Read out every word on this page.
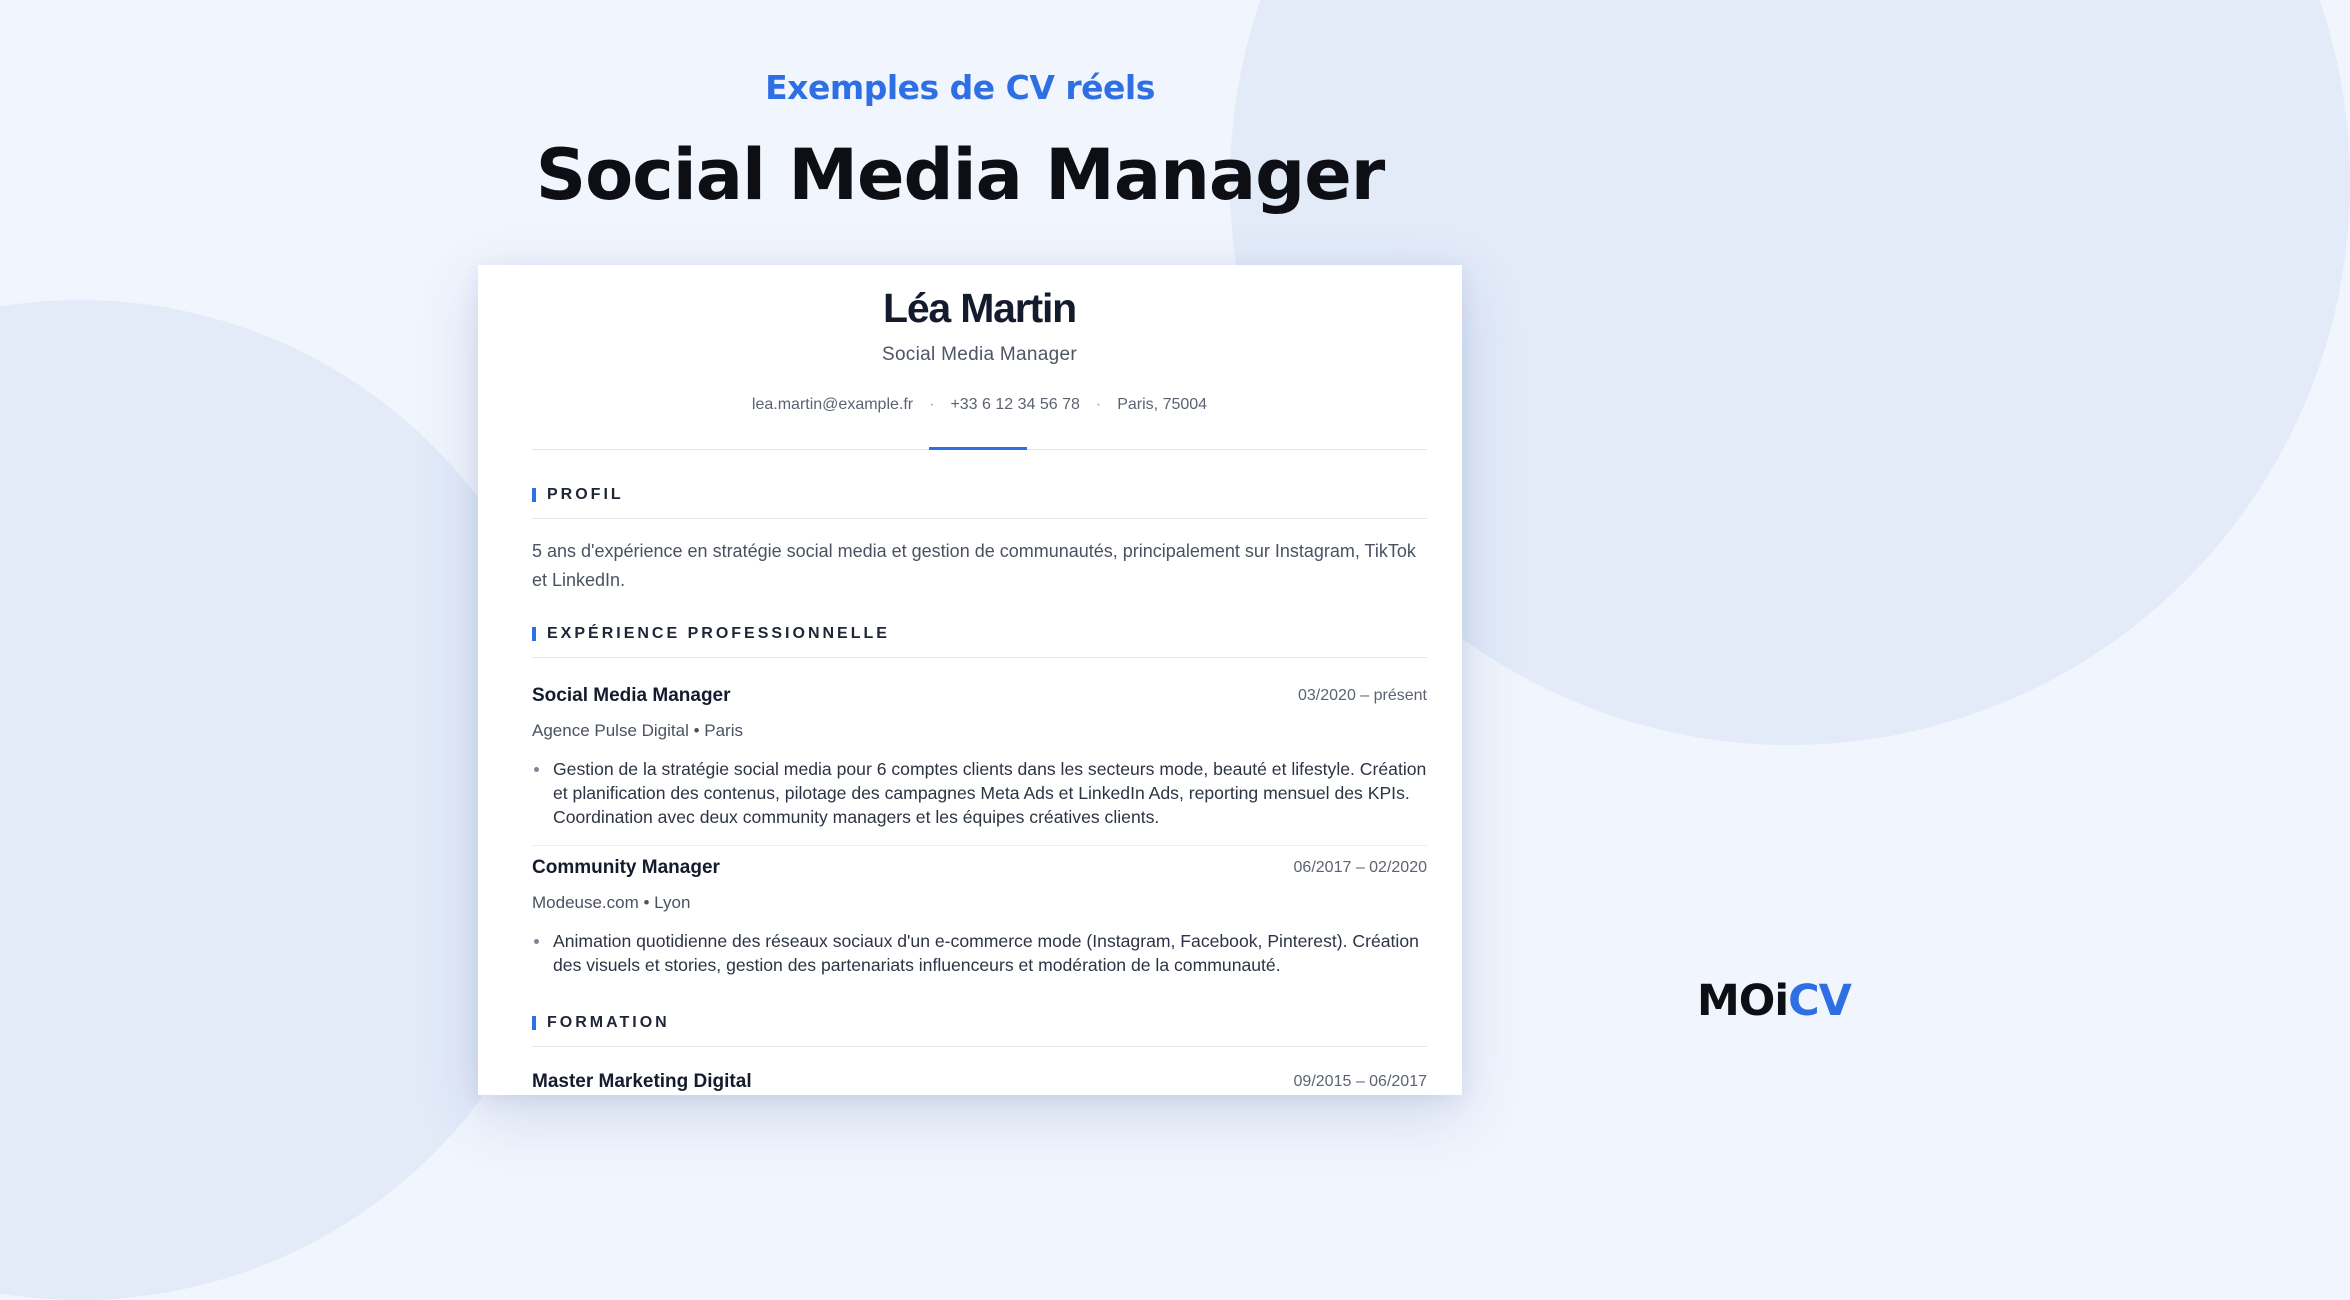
Exemples de CV réels
Social Media Manager
Léa Martin
Social Media Manager
lea.martin@example.fr · +33 6 12 34 56 78 · Paris, 75004
PROFIL
5 ans d'expérience en stratégie social media et gestion de communautés, principalement sur Instagram, TikTok et LinkedIn.
EXPÉRIENCE PROFESSIONNELLE
Social Media Manager	03/2020 – présent
Agence Pulse Digital • Paris
Gestion de la stratégie social media pour 6 comptes clients dans les secteurs mode, beauté et lifestyle. Création et planification des contenus, pilotage des campagnes Meta Ads et LinkedIn Ads, reporting mensuel des KPIs. Coordination avec deux community managers et les équipes créatives clients.
Community Manager	06/2017 – 02/2020
Modeuse.com • Lyon
Animation quotidienne des réseaux sociaux d'un e-commerce mode (Instagram, Facebook, Pinterest). Création des visuels et stories, gestion des partenariats influenceurs et modération de la communauté.
FORMATION
Master Marketing Digital	09/2015 – 06/2017
MOiCV
